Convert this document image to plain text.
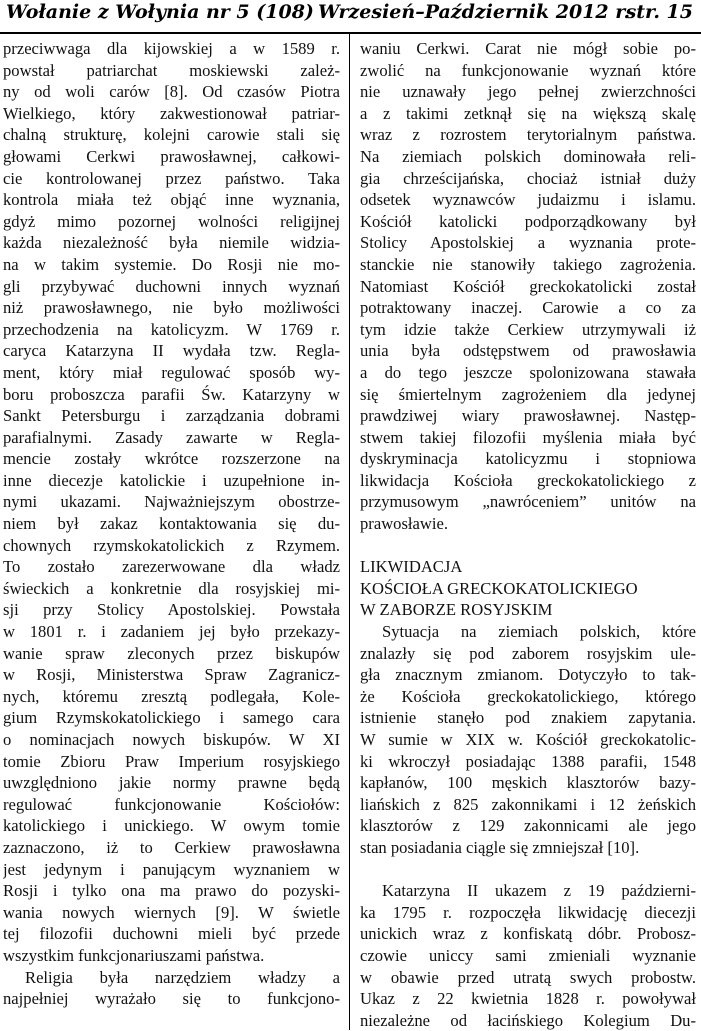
Wołanie z Wołynia nr 5 (108) Wrzesień–Październik 2012 r.
str. 15

przeciwwaga dla kijowskiej a w 1589 r.
powstał patriarchat moskiewski zależ-
ny od woli carów [8]. Od czasów Piotra
Wielkiego, który zakwestionował patriar-
chalną strukturę, kolejni carowie stali się
głowami Cerkwi prawosławnej, całkowi-
cie kontrolowanej przez państwo. Taka
kontrola miała też objąć inne wyznania,
gdyż mimo pozornej wolności religijnej
każda niezależność była niemile widzia-
na w takim systemie. Do Rosji nie mo-
gli przybywać duchowni innych wyznań
niż prawosławnego, nie było możliwości
przechodzenia na katolicyzm. W 1769 r.
caryca Katarzyna II wydała tzw. Regla-
ment, który miał regulować sposób wy-
boru proboszcza parafii Św. Katarzyny w
Sankt Petersburgu i zarządzania dobrami
parafialnymi. Zasady zawarte w Regla-
mencie zostały wkrótce rozszerzone na
inne diecezje katolickie i uzupełnione in-
nymi ukazami. Najważniejszym obostrze-
niem był zakaz kontaktowania się du-
chownych rzymskokatolickich z Rzymem.
To zostało zarezerwowane dla władz
świeckich a konkretnie dla rosyjskiej mi-
sji przy Stolicy Apostolskiej. Powstała
w 1801 r. i zadaniem jej było przekazy-
wanie spraw zleconych przez biskupów
w Rosji, Ministerstwa Spraw Zagranicz-
nych, któremu zresztą podlegała, Kole-
gium Rzymskokatolickiego i samego cara
o nominacjach nowych biskupów. W XI
tomie Zbioru Praw Imperium rosyjskiego
uwzględniono jakie normy prawne będą
regulować funkcjonowanie Kościołów:
katolickiego i unickiego. W owym tomie
zaznaczono, iż to Cerkiew prawosławna
jest jedynym i panującym wyznaniem w
Rosji i tylko ona ma prawo do pozyski-
wania nowych wiernych [9]. W świetle
tej filozofii duchowni mieli być przede
wszystkim funkcjonariuszami państwa.

Religia była narzędziem władzy a
najpełniej wyrażało się to funkcjono-

waniu Cerkwi. Carat nie mógł sobie po-
zwolić na funkcjonowanie wyznań które
nie uznawały jego pełnej zwierzchności
a z takimi zetknął się na większą skalę
wraz z rozrostem terytorialnym państwa.
Na ziemiach polskich dominowała reli-
gia chrześcijańska, chociaż istniał duży
odsetek wyznawców judaizmu i islamu.
Kościół katolicki podporządkowany był
Stolicy Apostolskiej a wyznania prote-
stanckie nie stanowiły takiego zagrożenia.
Natomiast Kościół greckokatolicki został
potraktowany inaczej. Carowie a co za
tym idzie także Cerkiew utrzymywali iż
unia była odstępstwem od prawosławia
a do tego jeszcze spolonizowana stawała
się śmiertelnym zagrożeniem dla jedynej
prawdziwej wiary prawosławnej. Następ-
stwem takiej filozofii myślenia miała być
dyskryminacja katolicyzmu i stopniowa
likwidacja Kościoła greckokatolickiego z
przymusowym „nawróceniem” unitów na
prawosławie.

LIKWIDACJA
KOŚCIOŁA GRECKOKATOLICKIEGO
W ZABORZE ROSYJSKIM

Sytuacja na ziemiach polskich, które
znalazły się pod zaborem rosyjskim ule-
gła znacznym zmianom. Dotyczyło to tak-
że Kościoła greckokatolickiego, którego
istnienie stanęło pod znakiem zapytania.
W sumie w XIX w. Kościół greckokatolic-
ki wkroczył posiadając 1388 parafii, 1548
kapłanów, 100 męskich klasztorów bazy-
liańskich z 825 zakonnikami i 12 żeńskich
klasztorów z 129 zakonnicami ale jego
stan posiadania ciągle się zmniejszał [10].

Katarzyna II ukazem z 19 październi-
ka 1795 r. rozpoczęła likwidację diecezji
unickich wraz z konfiskatą dóbr. Probosz-
czowie uniccy sami zmieniali wyznanie
w obawie przed utratą swych probostw.
Ukaz z 22 kwietnia 1828 r. powoływał
niezależne od łacińskiego Kolegium Du-
